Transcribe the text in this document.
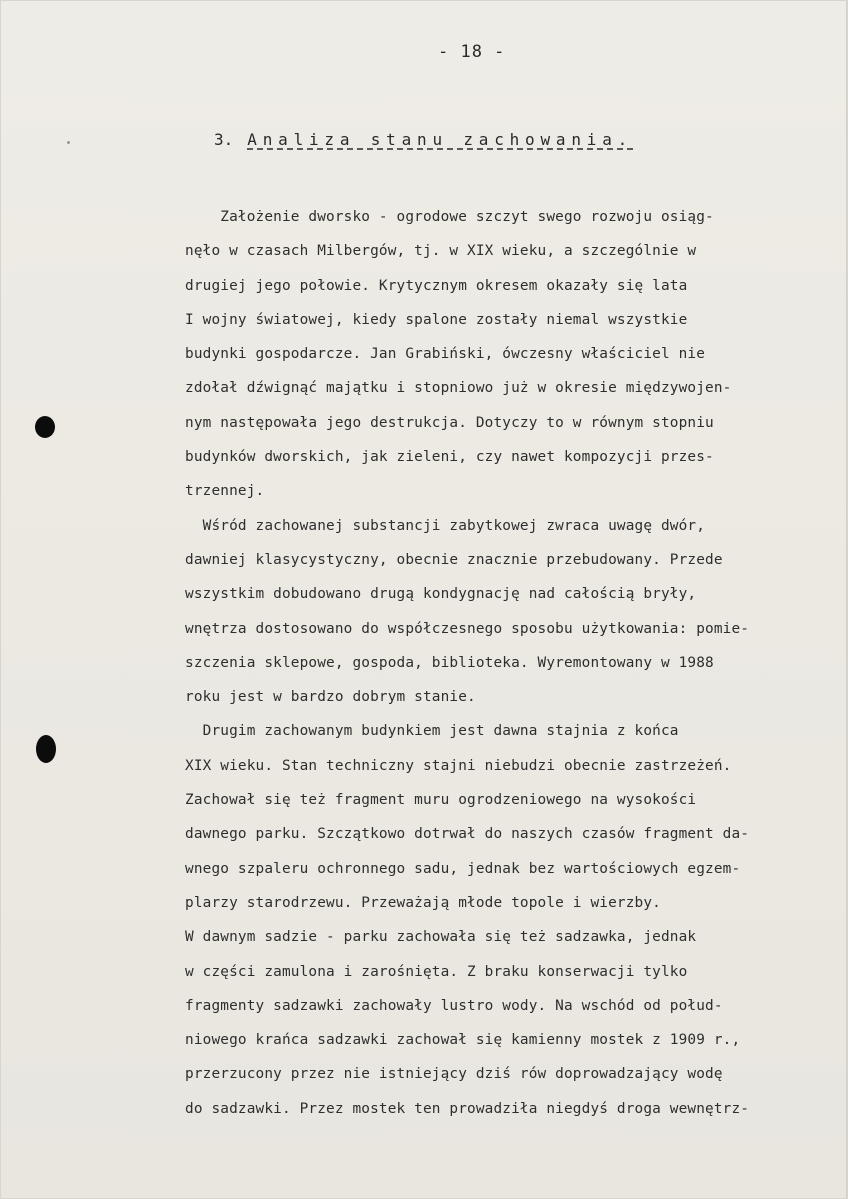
- 18 -
3. Analiza stanu zachowania.
Założenie dworsko - ogrodowe szczyt swego rozwoju osiąg-
nęło w czasach Milbergów, tj. w XIX wieku, a szczególnie w
drugiej jego połowie. Krytycznym okresem okazały się lata
I wojny światowej, kiedy spalone zostały niemal wszystkie
budynki gospodarcze. Jan Grabiński, ówczesny właściciel nie
zdołał dźwignąć majątku i stopniowo już w okresie międzywojen-
nym następowała jego destrukcja. Dotyczy to w równym stopniu
budynków dworskich, jak zieleni, czy nawet kompozycji przes-
trzennej.
Wśród zachowanej substancji zabytkowej zwraca uwagę dwór,
dawniej klasycystyczny, obecnie znacznie przebudowany. Przede
wszystkim dobudowano drugą kondygnację nad całością bryły,
wnętrza dostosowano do współczesnego sposobu użytkowania: pomie-
szczenia sklepowe, gospoda, biblioteka. Wyremontowany w 1988
roku jest w bardzo dobrym stanie.
Drugim zachowanym budynkiem jest dawna stajnia z końca
XIX wieku. Stan techniczny stajni niebudzi obecnie zastrzeżeń.
Zachował się też fragment muru ogrodzeniowego na wysokości
dawnego parku. Szczątkowo dotrwał do naszych czasów fragment da-
wnego szpaleru ochronnego sadu, jednak bez wartościowych egzem-
plarzy starodrzewu. Przeważają młode topole i wierzby.
W dawnym sadzie - parku zachowała się też sadzawka, jednak
w części zamulona i zarośnięta. Z braku konserwacji tylko
fragmenty sadzawki zachowały lustro wody. Na wschód od połud-
niowego krańca sadzawki zachował się kamienny mostek z 1909 r.,
przerzucony przez nie istniejący dziś rów doprowadzający wodę
do sadzawki. Przez mostek ten prowadziła niegdyś droga wewnętrz-
